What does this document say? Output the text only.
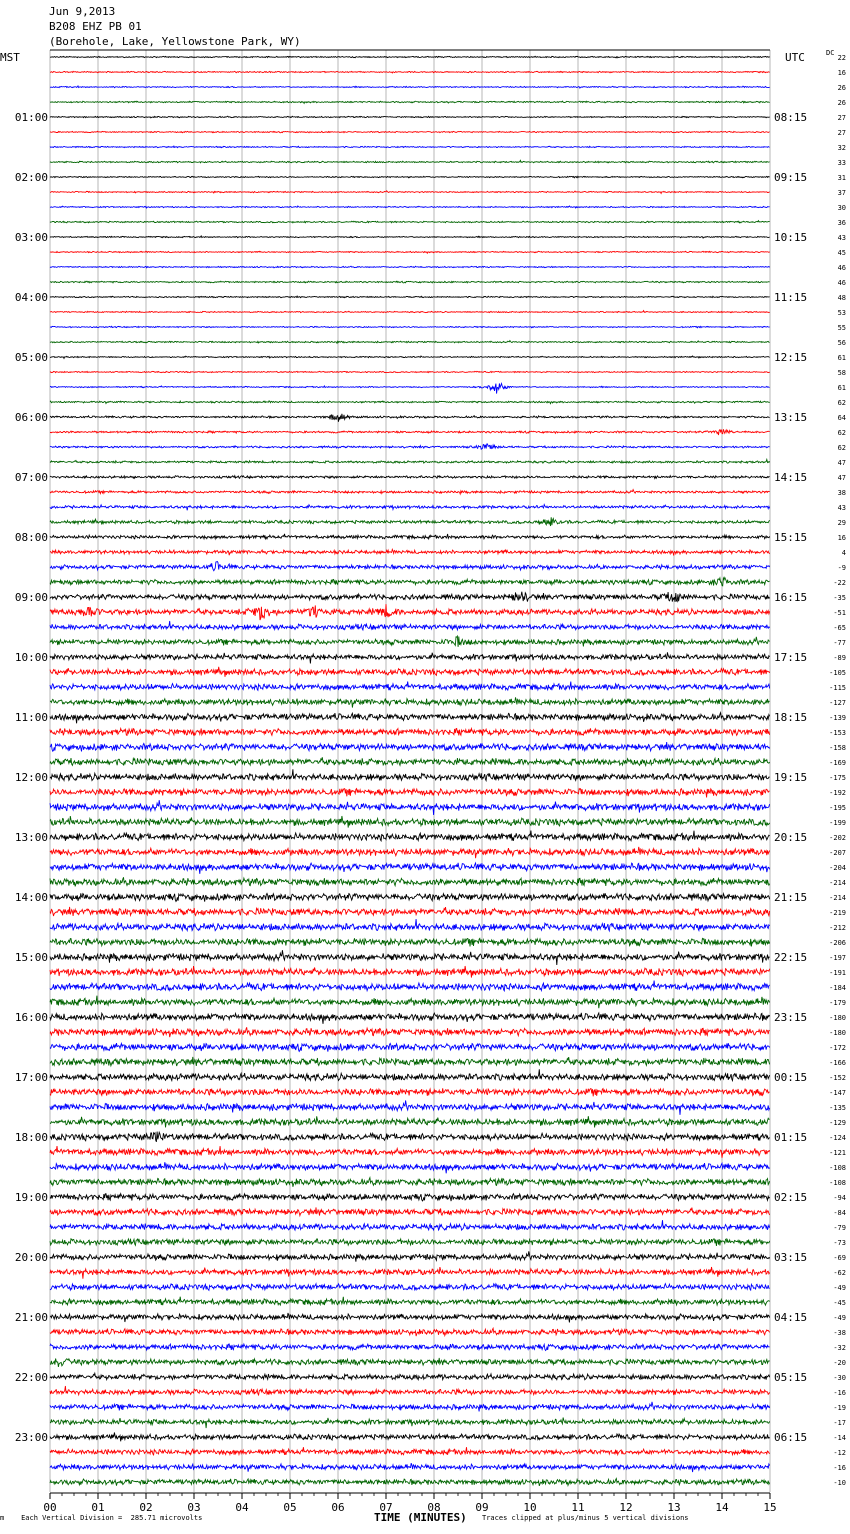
Jun 9,2013
B208 EHZ PB 01
(Borehole, Lake, Yellowstone Park, WY)
MST	UTC	DC
00	01	02	03	04	05	06	07	08	09	10	11	12	13	14	15
01:00
02:00
03:00
04:00
05:00
06:00
07:00
08:00
09:00
10:00
11:00
12:00
13:00
14:00
15:00
16:00
17:00
18:00
19:00
20:00
21:00
22:00
23:00
08:15
09:15
10:15
11:15
12:15
13:15
14:15
15:15
16:15
17:15
18:15
19:15
20:15
21:15
22:15
23:15
00:15
01:15
02:15
03:15
04:15
05:15
06:15
22
16
26
26
27
27
32
33
31
37
30
36
43
45
46
46
48
53
55
56
61
58
61
62
64
62
62
47
47
38
43
29
16
4
-9
-22
-35
-51
-65
-77
-89
-105
-115
-127
-139
-153
-158
-169
-175
-192
-195
-199
-202
-207
-204
-214
-214
-219
-212
-206
-197
-191
-184
-179
-180
-180
-172
-166
-152
-147
-135
-129
-124
-121
-108
-108
-94
-84
-79
-73
-69
-62
-49
-45
-49
-38
-32
-20
-30
-16
-19
-17
-14
-12
-16
-10
TIME (MINUTES)
m Each Vertical Division =  285.71 microvolts	Traces clipped at plus/minus 5 vertical divisions
